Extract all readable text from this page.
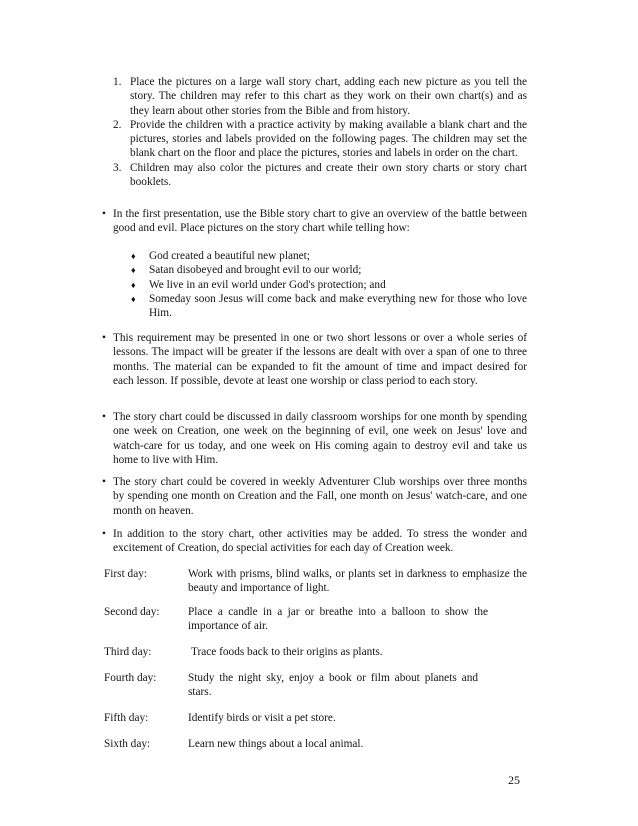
1. Place the pictures on a large wall story chart, adding each new picture as you tell the story. The children may refer to this chart as they work on their own chart(s) and as they learn about other stories from the Bible and from history.
2. Provide the children with a practice activity by making available a blank chart and the pictures, stories and labels provided on the following pages. The children may set the blank chart on the floor and place the pictures, stories and labels in order on the chart.
3. Children may also color the pictures and create their own story charts or story chart booklets.

• In the first presentation, use the Bible story chart to give an overview of the battle between good and evil. Place pictures on the story chart while telling how:

♦ God created a beautiful new planet;
♦ Satan disobeyed and brought evil to our world;
♦ We live in an evil world under God's protection; and
♦ Someday soon Jesus will come back and make everything new for those who love Him.

• This requirement may be presented in one or two short lessons or over a whole series of lessons. The impact will be greater if the lessons are dealt with over a span of one to three months. The material can be expanded to fit the amount of time and impact desired for each lesson. If possible, devote at least one worship or class period to each story.

• The story chart could be discussed in daily classroom worships for one month by spending one week on Creation, one week on the beginning of evil, one week on Jesus' love and watch-care for us today, and one week on His coming again to destroy evil and take us home to live with Him.

• The story chart could be covered in weekly Adventurer Club worships over three months by spending one month on Creation and the Fall, one month on Jesus' watch-care, and one month on heaven.

• In addition to the story chart, other activities may be added. To stress the wonder and excitement of Creation, do special activities for each day of Creation week.

First day:	Work with prisms, blind walks, or plants set in darkness to emphasize the beauty and importance of light.
Second day:	Place a candle in a jar or breathe into a balloon to show the importance of air.
Third day:	Trace foods back to their origins as plants.
Fourth day:	Study the night sky, enjoy a book or film about planets and stars.
Fifth day:	Identify birds or visit a pet store.
Sixth day:	Learn new things about a local animal.
25
